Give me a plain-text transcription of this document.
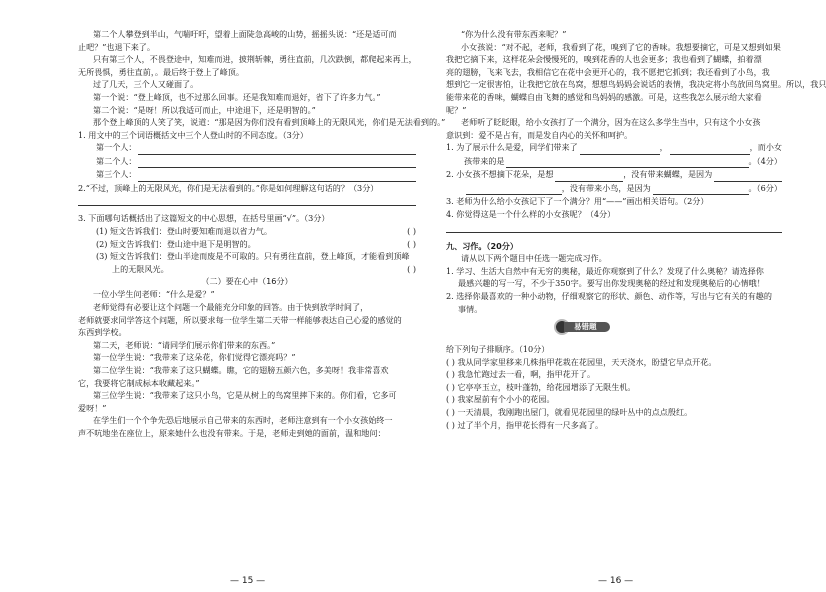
第二个人攀登到半山，气喘吁吁，望着上面陡急高峻的山势，摇摇头说：“还是适可而
止吧？”也退下来了。
只有第三个人，不畏登途中，知难而进，披荆斩棘，勇往直前，几次跌倒，都爬起来再上，
无所畏惧，勇往直前，。最后终于登上了峰顶。
过了几天，三个人又碰面了。
第一个说：“登上峰顶，也不过那么回事。还是我知难而退好，省下了许多力气。”
第二个说：“是呀！所以我适可而止，中途退下，还是明智的。”
那个登上峰顶的人笑了笑，说道：“那是因为你们没有看到顶峰上的无限风光，你们是无法看到的。”
1. 用文中的三个词语概括文中三个人登山时的不同态度。（3分）
第一个人：
第二个人：
第三个人：
2.“不过，顶峰上的无限风光，你们是无法看到的。”你是如何理解这句话的？（3分）
3. 下面哪句话概括出了这篇短文的中心思想，在括号里画“√”。（3分）
(1) 短文告诉我们：登山时要知难而退以省力气。	( )
(2) 短文告诉我们：登山途中退下是明智的。	( )
(3) 短文告诉我们：登山半途而废是不可取的。只有勇往直前，登上峰顶，才能看到顶峰
上的无限风光。	( )
（二）要在心中（16分）
一位小学生问老师：“什么是爱？”
老师觉得有必要让这个问题一个最能充分印象的回答。由于快到放学时间了，
老师就要求同学答这个问题，所以要求每一位学生第二天带一样能够表达自己心爱的感觉的
东西到学校。
第二天，老师说：“请同学们展示你们带来的东西。”
第一位学生说：“我带来了这朵花，你们觉得它漂亮吗？”
第二位学生说：“我带来了这只蝴蝶。瞧，它的翅膀五颜六色，多美呀！我非常喜欢
它，我要将它制成标本收藏起来。”
第三位学生说：“我带来了这只小鸟，它是从树上的鸟窝里摔下来的。你们看，它多可
爱呀！”
在学生们一个个争先恐后地展示自己带来的东西时，老师注意到有一个小女孩始终一
声不吭地坐在座位上，原来她什么也没有带来。于是，老师走到她的面前，温和地问：
— 15 —
“你为什么没有带东西来呢？”
小女孩说：“对不起，老师，我看到了花，嗅到了它的香味。我想要摘它，可是又想到如果
我把它摘下来，这样花朵会慢慢死的，嗅到花香的人也会更多；我也看到了蝴蝶，拍着漂
亮的翅膀，飞来飞去，我相信它在花中会更开心的，我不愿把它抓到；我还看到了小鸟，我
想到它一定很害怕，让我把它放在鸟窝，想想鸟妈妈会说话的表情，我决定将小鸟放回鸟窝里。所以，我只
能带来花的香味，蝴蝶自由飞舞的感觉和鸟妈妈的感激。可是，这些我怎么展示给大家看
呢？”
老师听了眨眨眼，给小女孩打了一个满分，因为在这么多学生当中，只有这个小女孩
意识到：爱不是占有，而是发自内心的关怀和呵护。
1. 为了展示什么是爱，同学们带来了	，	，而小女
孩带来的是	。（4分）
2. 小女孩不想摘下花朵，是想	，没有带来蝴蝶，是因为
，没有带来小鸟，是因为	。（6分）
3. 老师为什么给小女孩记下了一个满分？用“——”画出相关语句。（2分）
4. 你觉得这是一个什么样的小女孩呢？（4分）
九、习作。（20分）
请从以下两个题目中任选一题完成习作。
1. 学习、生活大自然中有无穷的奥秘，最近你观察到了什么？发现了什么奥秘？请选择你
最感兴趣的写一写，不少于350字。要写出你发现奥秘的经过和发现奥秘后的心情哦！
2. 选择你最喜欢的一种小动物，仔细观察它的形状、颜色、动作等，写出与它有关的有趣的
事情。
易错题
给下列句子排顺序。（10分）
( ) 我从同学家里移来几株指甲花栽在花园里，天天浇水，盼望它早点开花。
( ) 我急忙跑过去一看，啊，指甲花开了。
( ) 它亭亭玉立，枝叶蓬勃，给花园增添了无限生机。
( ) 我家屋前有个小小的花园。
( ) 一天清晨，我刚跑出屋门，就看见花园里的绿叶丛中的点点殷红。
( ) 过了半个月，指甲花长得有一尺多高了。
— 16 —
